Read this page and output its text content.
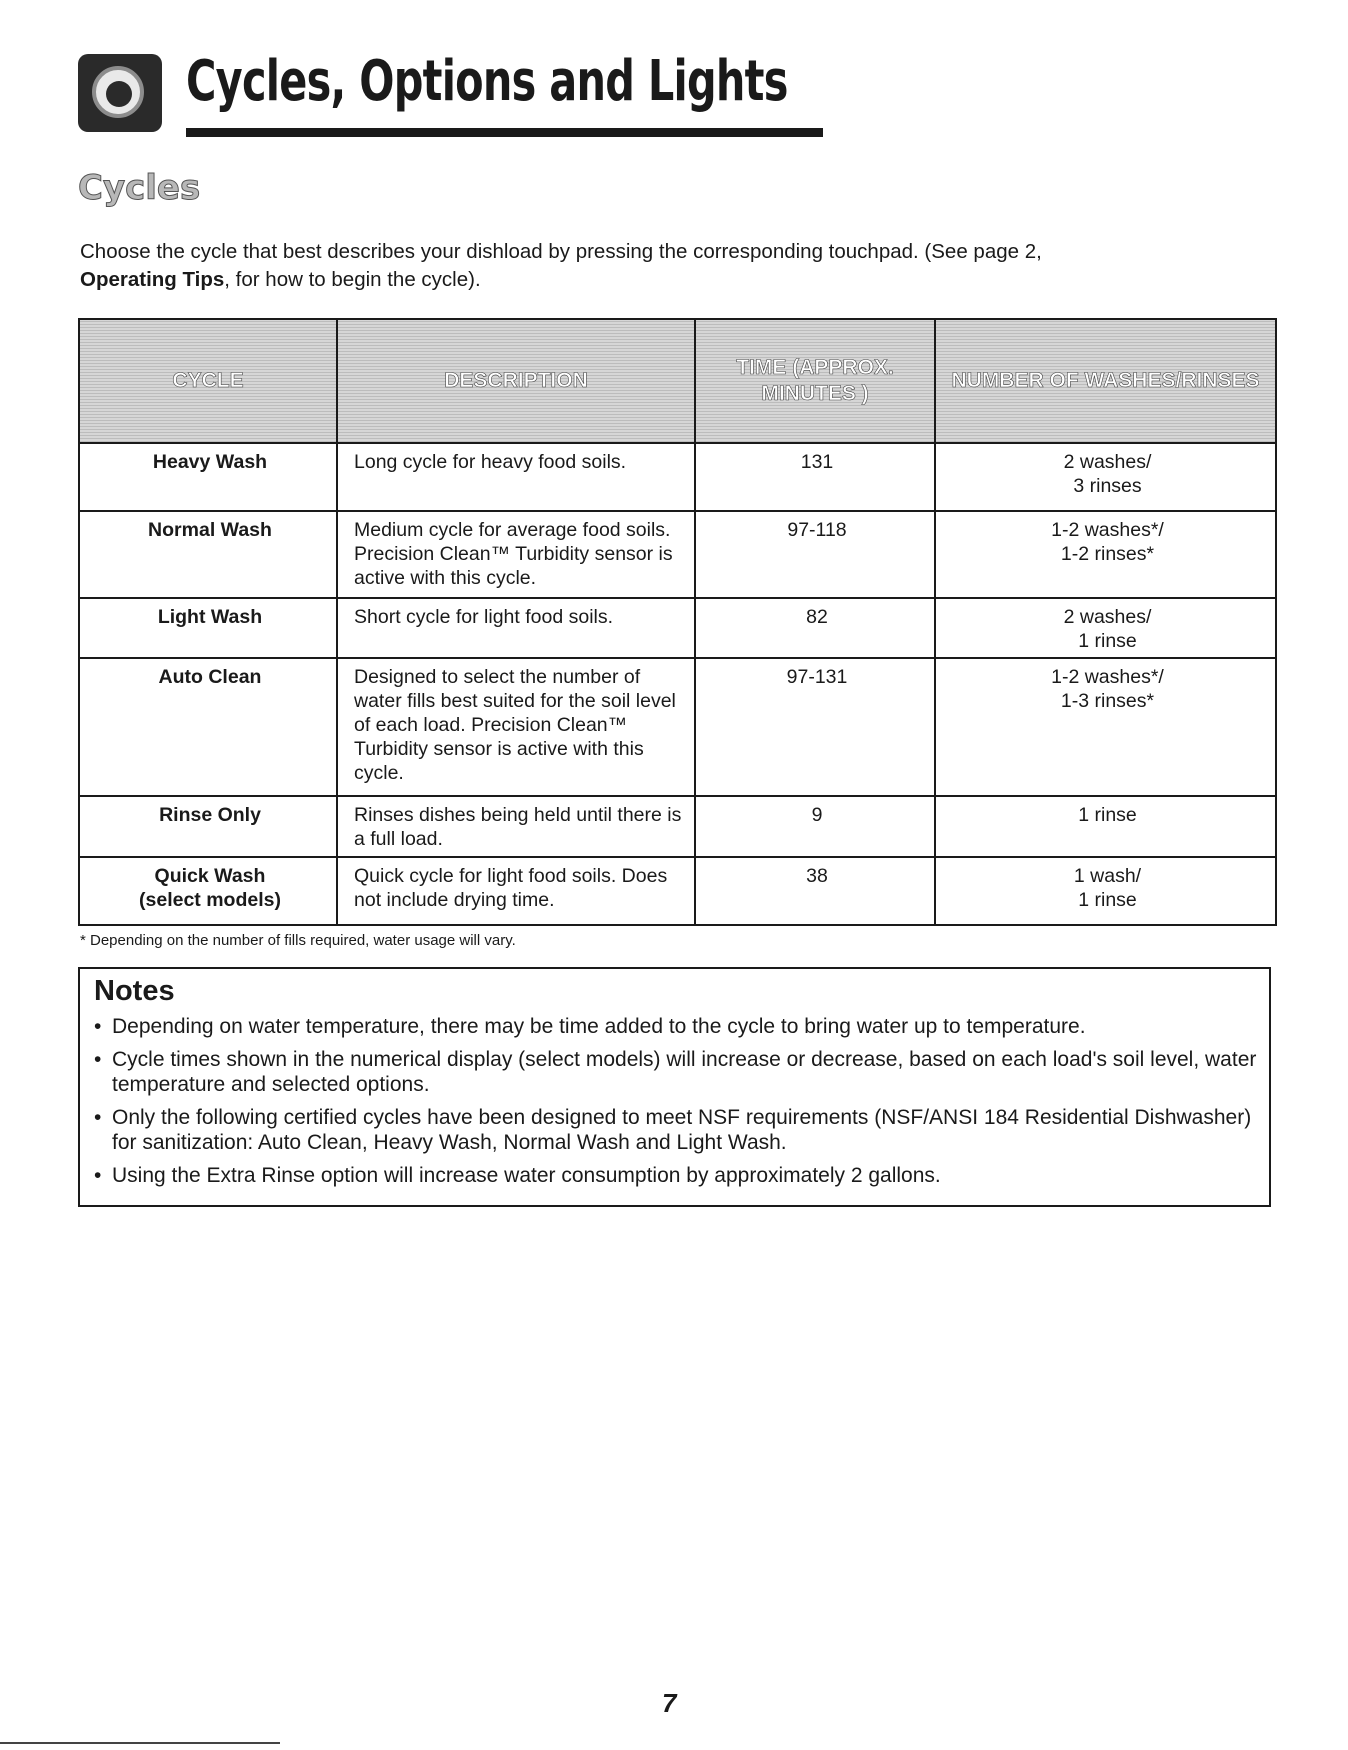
Cycles, Options and Lights
Cycles

Choose the cycle that best describes your dishload by pressing the corresponding touchpad. (See page 2,
Operating Tips, for how to begin the cycle).

CYCLE	DESCRIPTION	TIME (APPROX. MINUTES )	NUMBER OF WASHES/RINSES
Heavy Wash	Long cycle for heavy food soils.	131	2 washes/
3 rinses
Normal Wash	Medium cycle for average food soils. Precision Clean™ Turbidity sensor is active with this cycle.	97-118	1-2 washes*/
1-2 rinses*
Light Wash	Short cycle for light food soils.	82	2 washes/
1 rinse
Auto Clean	Designed to select the number of water fills best suited for the soil level of each load. Precision Clean™ Turbidity sensor is active with this cycle.	97-131	1-2 washes*/
1-3 rinses*
Rinse Only	Rinses dishes being held until there is a full load.	9	1 rinse
Quick Wash
(select models)	Quick cycle for light food soils. Does not include drying time.	38	1 wash/
1 rinse

* Depending on the number of fills required, water usage will vary.

Notes
• Depending on water temperature, there may be time added to the cycle to bring water up to temperature.
• Cycle times shown in the numerical display (select models) will increase or decrease, based on each load's soil level, water temperature and selected options.
• Only the following certified cycles have been designed to meet NSF requirements (NSF/ANSI 184 Residential Dishwasher) for sanitization: Auto Clean, Heavy Wash, Normal Wash and Light Wash.
• Using the Extra Rinse option will increase water consumption by approximately 2 gallons.
7
